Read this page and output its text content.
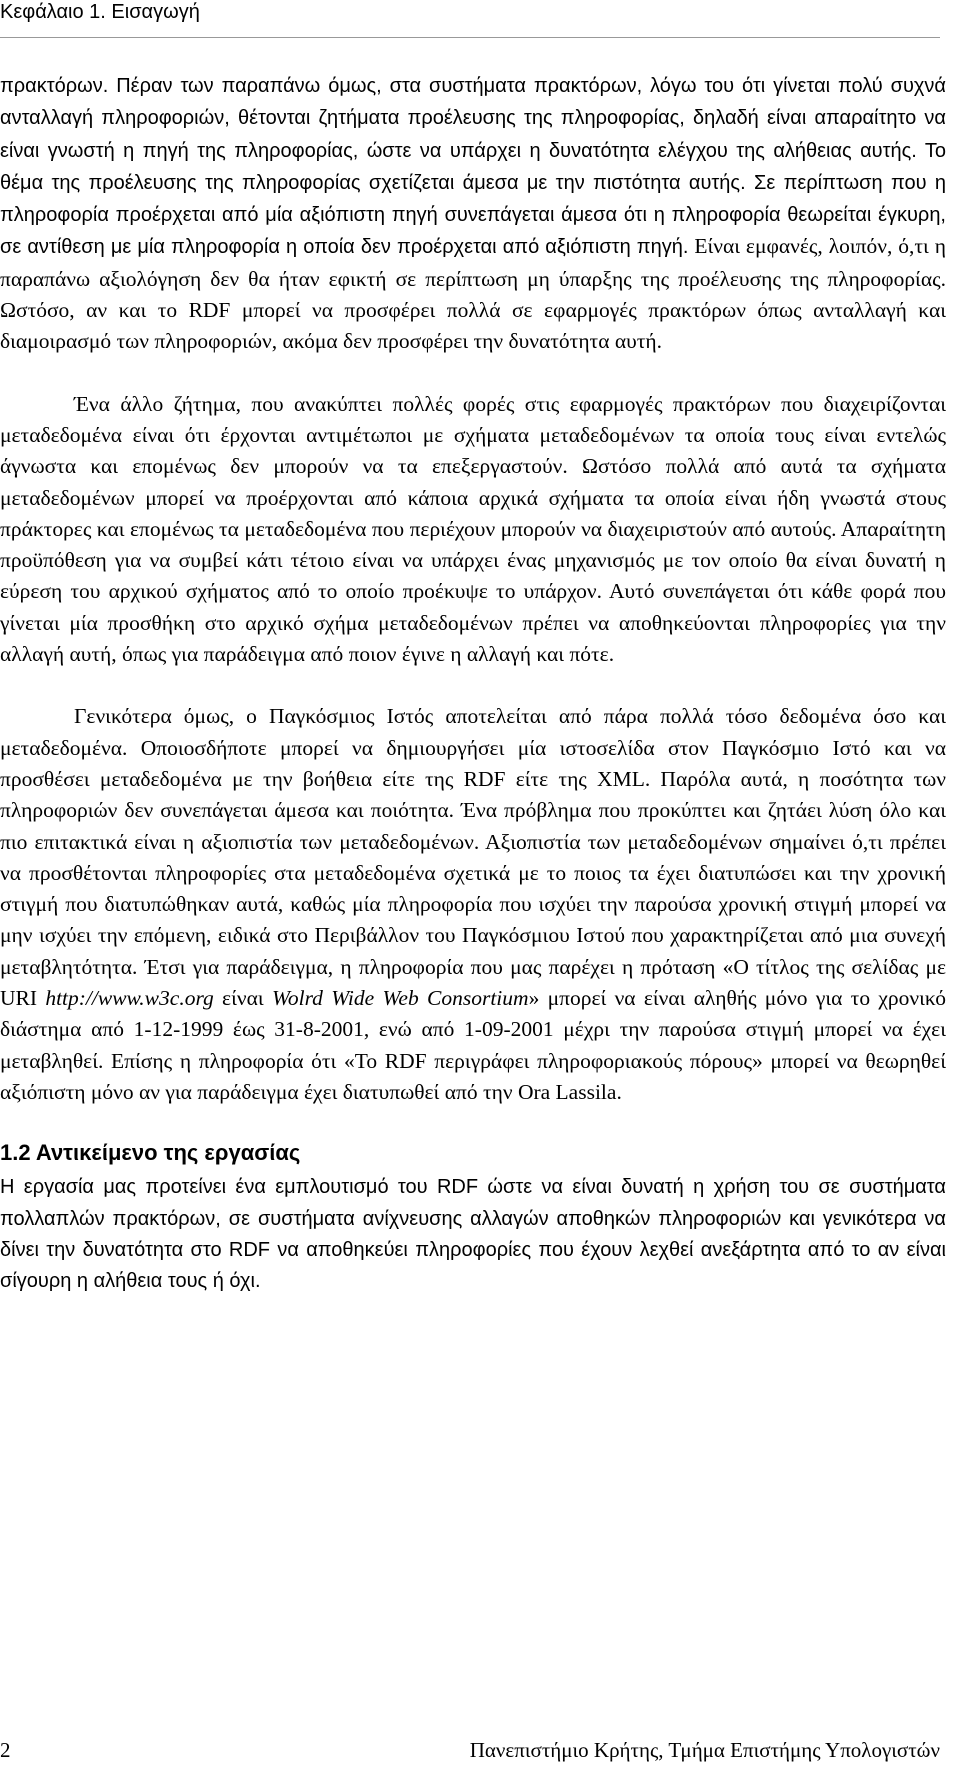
Κεφάλαιο 1. Εισαγωγή

πρακτόρων. Πέραν των παραπάνω όμως, στα συστήματα πρακτόρων, λόγω του ότι γίνεται πολύ συχνά ανταλλαγή πληροφοριών, θέτονται ζητήματα προέλευσης της πληροφορίας, δηλαδή είναι απαραίτητο να είναι γνωστή η πηγή της πληροφορίας, ώστε να υπάρχει η δυνατότητα ελέγχου της αλήθειας αυτής. Το θέμα της προέλευσης της πληροφορίας σχετίζεται άμεσα με την πιστότητα αυτής. Σε περίπτωση που η πληροφορία προέρχεται από μία αξιόπιστη πηγή συνεπάγεται άμεσα ότι η πληροφορία θεωρείται έγκυρη, σε αντίθεση με μία πληροφορία η οποία δεν προέρχεται από αξιόπιστη πηγή. Είναι εμφανές, λοιπόν, ό,τι η παραπάνω αξιολόγηση δεν θα ήταν εφικτή σε περίπτωση μη ύπαρξης της προέλευσης της πληροφορίας. Ωστόσο, αν και το RDF μπορεί να προσφέρει πολλά σε εφαρμογές πρακτόρων όπως ανταλλαγή και διαμοιρασμό των πληροφοριών, ακόμα δεν προσφέρει την δυνατότητα αυτή.

Ένα άλλο ζήτημα, που ανακύπτει πολλές φορές στις εφαρμογές πρακτόρων που διαχειρίζονται μεταδεδομένα είναι ότι έρχονται αντιμέτωποι με σχήματα μεταδεδομένων τα οποία τους είναι εντελώς άγνωστα και επομένως δεν μπορούν να τα επεξεργαστούν. Ωστόσο πολλά από αυτά τα σχήματα μεταδεδομένων μπορεί να προέρχονται από κάποια αρχικά σχήματα τα οποία είναι ήδη γνωστά στους πράκτορες και επομένως τα μεταδεδομένα που περιέχουν μπορούν να διαχειριστούν από αυτούς. Απαραίτητη προϋπόθεση για να συμβεί κάτι τέτοιο είναι να υπάρχει ένας μηχανισμός με τον οποίο θα είναι δυνατή η εύρεση του αρχικού σχήματος από το οποίο προέκυψε το υπάρχον. Αυτό συνεπάγεται ότι κάθε φορά που γίνεται μία προσθήκη στο αρχικό σχήμα μεταδεδομένων πρέπει να αποθηκεύονται πληροφορίες για την αλλαγή αυτή, όπως για παράδειγμα από ποιον έγινε η αλλαγή και πότε.

Γενικότερα όμως, ο Παγκόσμιος Ιστός αποτελείται από πάρα πολλά τόσο δεδομένα όσο και μεταδεδομένα. Οποιοσδήποτε μπορεί να δημιουργήσει μία ιστοσελίδα στον Παγκόσμιο Ιστό και να προσθέσει μεταδεδομένα με την βοήθεια είτε της RDF είτε της XML. Παρόλα αυτά, η ποσότητα των πληροφοριών δεν συνεπάγεται άμεσα και ποιότητα. Ένα πρόβλημα που προκύπτει και ζητάει λύση όλο και πιο επιτακτικά είναι η αξιοπιστία των μεταδεδομένων. Αξιοπιστία των μεταδεδομένων σημαίνει ό,τι πρέπει να προσθέτονται πληροφορίες στα μεταδεδομένα σχετικά με το ποιος τα έχει διατυπώσει και την χρονική στιγμή που διατυπώθηκαν αυτά, καθώς μία πληροφορία που ισχύει την παρούσα χρονική στιγμή μπορεί να μην ισχύει την επόμενη, ειδικά στο Περιβάλλον του Παγκόσμιου Ιστού που χαρακτηρίζεται από μια συνεχή μεταβλητότητα. Έτσι για παράδειγμα, η πληροφορία που μας παρέχει η πρόταση «Ο τίτλος της σελίδας με URI http://www.w3c.org είναι Wolrd Wide Web Consortium» μπορεί να είναι αληθής μόνο για το χρονικό διάστημα από 1-12-1999 έως 31-8-2001, ενώ από 1-09-2001 μέχρι την παρούσα στιγμή μπορεί να έχει μεταβληθεί. Επίσης η πληροφορία ότι «Το RDF περιγράφει πληροφοριακούς πόρους» μπορεί να θεωρηθεί αξιόπιστη μόνο αν για παράδειγμα έχει διατυπωθεί από την Ora Lassila.

1.2 Αντικείμενο της εργασίας

Η εργασία μας προτείνει ένα εμπλουτισμό του RDF ώστε να είναι δυνατή η χρήση του σε συστήματα πολλαπλών πρακτόρων, σε συστήματα ανίχνευσης αλλαγών αποθηκών πληροφοριών και γενικότερα να δίνει την δυνατότητα στο RDF να αποθηκεύει πληροφορίες που έχουν λεχθεί ανεξάρτητα από το αν είναι σίγουρη η αλήθεια τους ή όχι.

2	Πανεπιστήμιο Κρήτης, Τμήμα Επιστήμης Υπολογιστών
